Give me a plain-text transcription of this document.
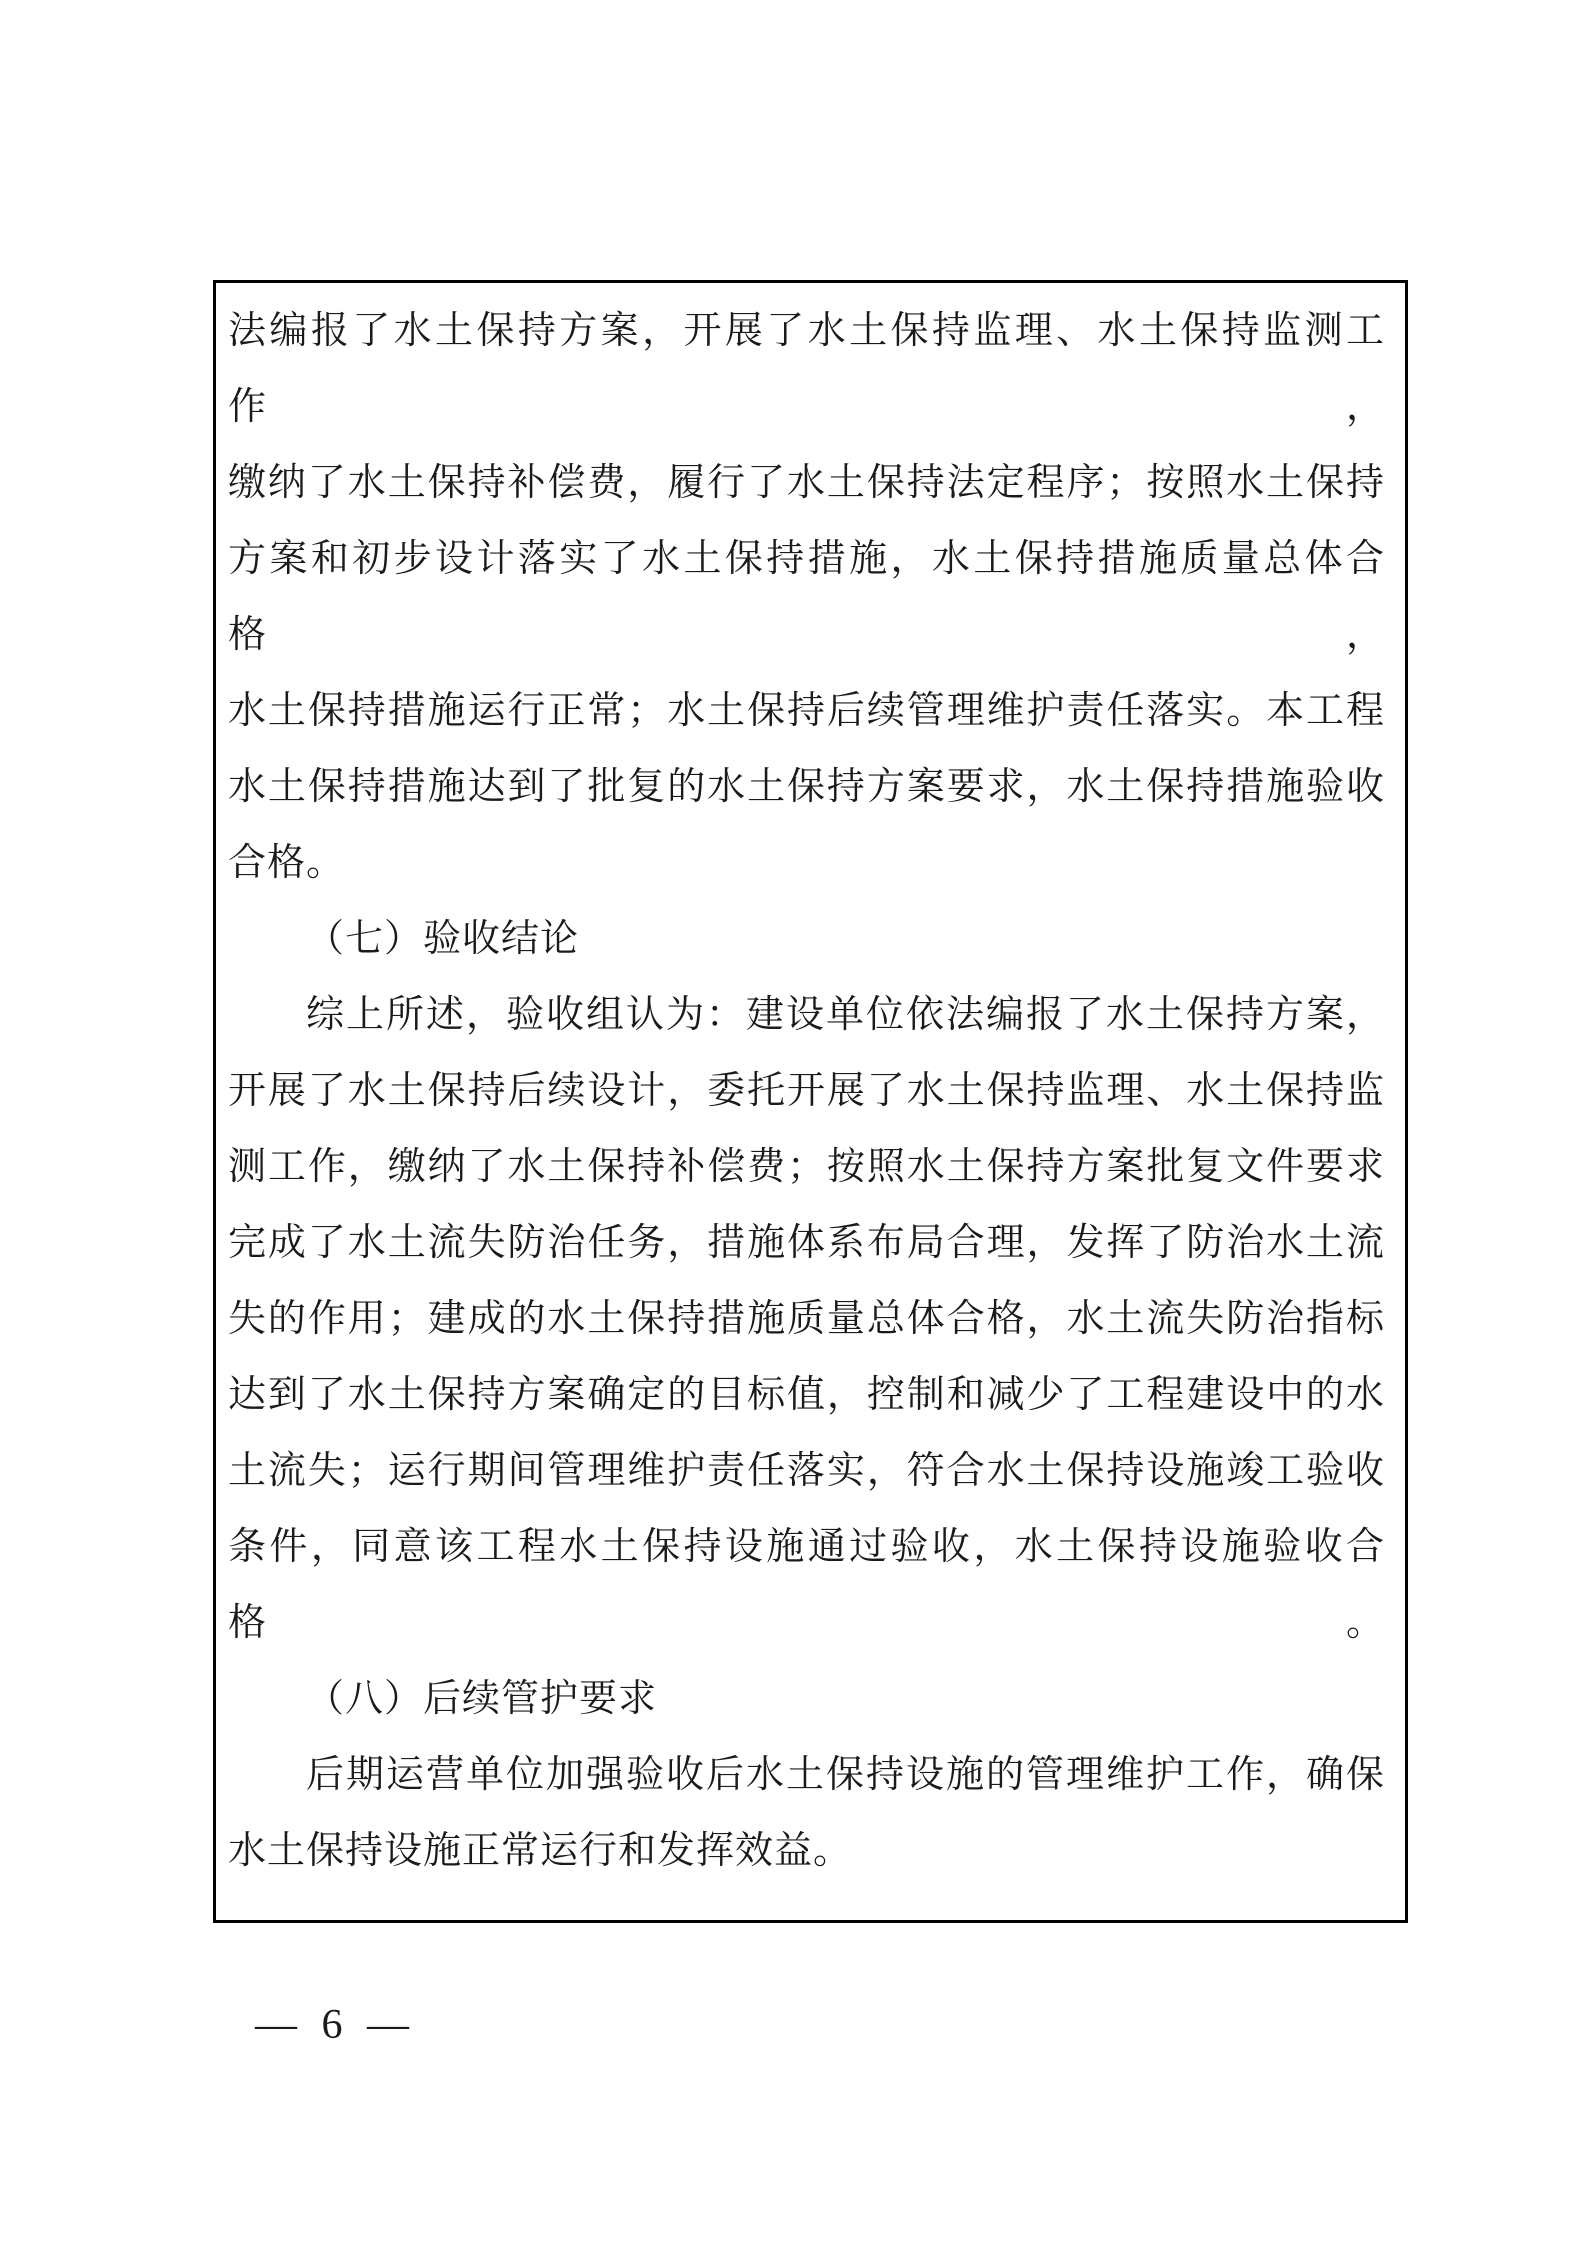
法编报了水土保持方案，开展了水土保持监理、水土保持监测工作，
缴纳了水土保持补偿费，履行了水土保持法定程序；按照水土保持
方案和初步设计落实了水土保持措施，水土保持措施质量总体合格，
水土保持措施运行正常；水土保持后续管理维护责任落实。本工程
水土保持措施达到了批复的水土保持方案要求，水土保持措施验收
合格。
（七）验收结论
综上所述，验收组认为：建设单位依法编报了水土保持方案，
开展了水土保持后续设计，委托开展了水土保持监理、水土保持监
测工作，缴纳了水土保持补偿费；按照水土保持方案批复文件要求
完成了水土流失防治任务，措施体系布局合理，发挥了防治水土流
失的作用；建成的水土保持措施质量总体合格，水土流失防治指标
达到了水土保持方案确定的目标值，控制和减少了工程建设中的水
土流失；运行期间管理维护责任落实，符合水土保持设施竣工验收
条件，同意该工程水土保持设施通过验收，水土保持设施验收合格。
（八）后续管护要求
后期运营单位加强验收后水土保持设施的管理维护工作，确保
水土保持设施正常运行和发挥效益。
— 6 —
